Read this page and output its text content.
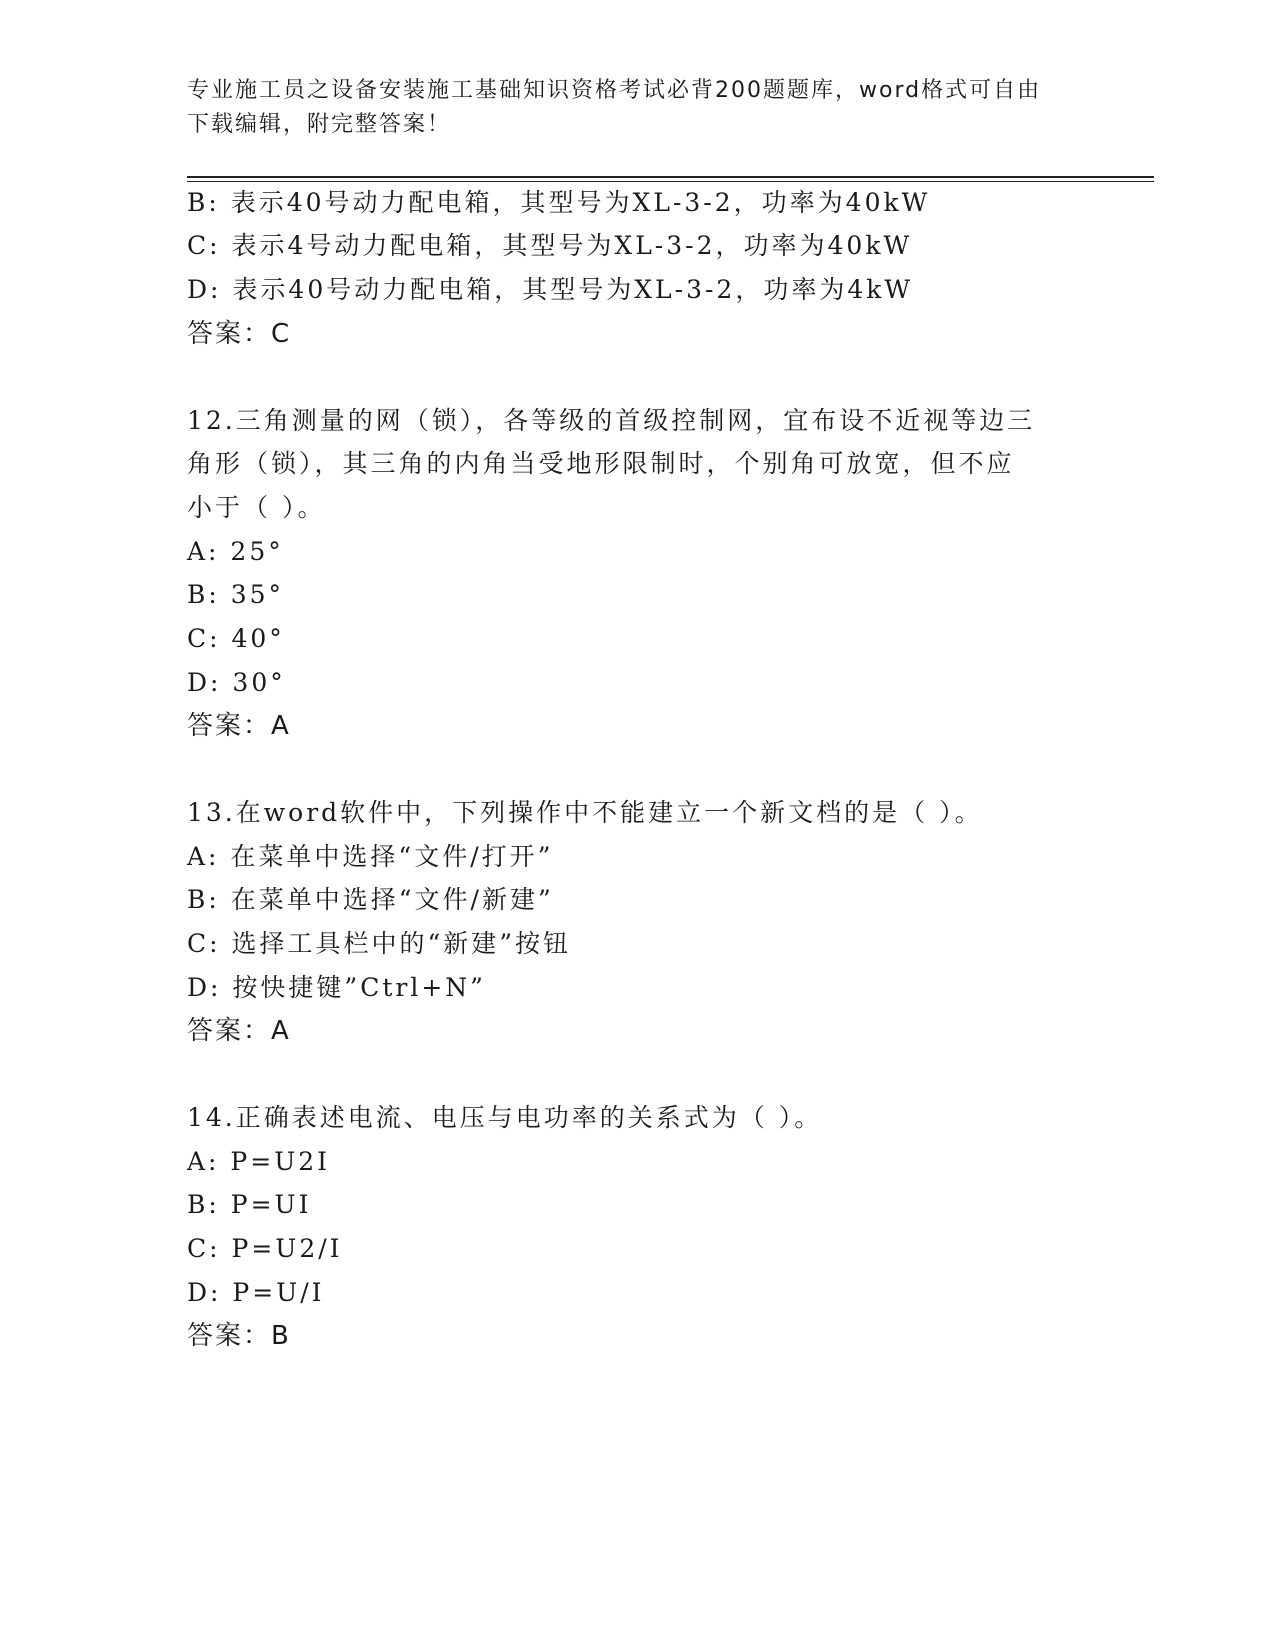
专业施工员之设备安装施工基础知识资格考试必背200题题库，word格式可自由
下载编辑，附完整答案！
B: 表示40号动力配电箱，其型号为XL-3-2，功率为40kW
C: 表示4号动力配电箱，其型号为XL-3-2，功率为40kW
D: 表示40号动力配电箱，其型号为XL-3-2，功率为4kW
答案：C
12.三角测量的网（锁），各等级的首级控制网，宜布设不近视等边三
角形（锁），其三角的内角当受地形限制时，个别角可放宽，但不应
小于（ ）。
A: 25°
B: 35°
C: 40°
D: 30°
答案：A
13.在word软件中，下列操作中不能建立一个新文档的是（ ）。
A: 在菜单中选择“文件/打开”
B: 在菜单中选择“文件/新建”
C: 选择工具栏中的“新建”按钮
D: 按快捷键”Ctrl+N”
答案：A
14.正确表述电流、电压与电功率的关系式为（ ）。
A: P=U2I
B: P=UI
C: P=U2/I
D: P=U/I
答案：B
